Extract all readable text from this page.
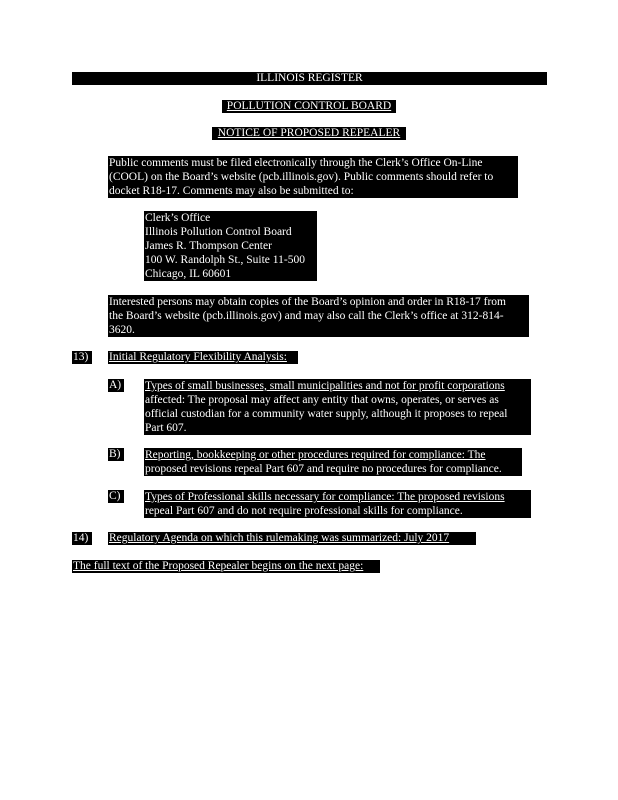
ILLINOIS REGISTER
POLLUTION CONTROL BOARD
NOTICE OF PROPOSED REPEALER
Public comments must be filed electronically through the Clerk’s Office On-Line
(COOL) on the Board’s website (pcb.illinois.gov). Public comments should refer to
docket R18-17. Comments may also be submitted to:
Clerk’s Office
Illinois Pollution Control Board
James R. Thompson Center
100 W. Randolph St., Suite 11-500
Chicago, IL 60601
Interested persons may obtain copies of the Board’s opinion and order in R18-17 from
the Board’s website (pcb.illinois.gov) and may also call the Clerk’s office at 312-814-
3620.
13)	Initial Regulatory Flexibility Analysis:
A) Types of small businesses, small municipalities and not for profit corporations
affected: The proposal may affect any entity that owns, operates, or serves as
official custodian for a community water supply, although it proposes to repeal
Part 607.
B)	Reporting, bookkeeping or other procedures required for compliance: The
proposed revisions repeal Part 607 and require no procedures for compliance.
C)	Types of Professional skills necessary for compliance: The proposed revisions
repeal Part 607 and do not require professional skills for compliance.
14)	Regulatory Agenda on which this rulemaking was summarized: July 2017
The full text of the Proposed Repealer begins on the next page:
